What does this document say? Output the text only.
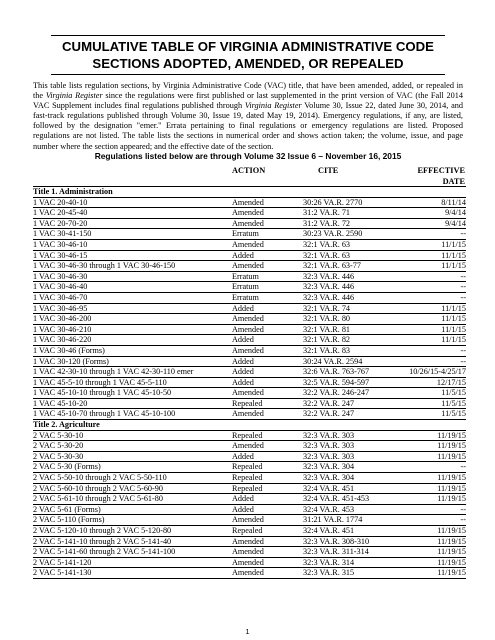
CUMULATIVE TABLE OF VIRGINIA ADMINISTRATIVE CODE
SECTIONS ADOPTED, AMENDED, OR REPEALED

This table lists regulation sections, by Virginia Administrative Code (VAC) title, that have been amended, added, or repealed in the Virginia Register since the regulations were first published or last supplemented in the print version of VAC (the Fall 2014 VAC Supplement includes final regulations published through Virginia Register Volume 30, Issue 22, dated June 30, 2014, and fast-track regulations published through Volume 30, Issue 19, dated May 19, 2014). Emergency regulations, if any, are listed, followed by the designation "emer." Errata pertaining to final regulations or emergency regulations are listed. Proposed regulations are not listed. The table lists the sections in numerical order and shows action taken; the volume, issue, and page number where the section appeared; and the effective date of the section.

Regulations listed below are through Volume 32 Issue 6 – November 16, 2015
ACTION	CITE	EFFECTIVE
DATE
Title 1. Administration
1 VAC 20-40-10	Amended	30:26 VA.R. 2770	8/11/14
1 VAC 20-45-40	Amended	31:2 VA.R. 71	9/4/14
1 VAC 20-70-20	Amended	31:2 VA.R. 72	9/4/14
1 VAC 30-41-150	Erratum	30:23 VA.R. 2590	--
1 VAC 30-46-10	Amended	32:1 VA.R. 63	11/1/15
1 VAC 30-46-15	Added	32:1 VA.R. 63	11/1/15
1 VAC 30-46-30 through 1 VAC 30-46-150	Amended	32:1 VA.R. 63-77	11/1/15
1 VAC 30-46-30	Erratum	32:3 VA.R. 446	--
1 VAC 30-46-40	Erratum	32:3 VA.R. 446	--
1 VAC 30-46-70	Erratum	32:3 VA.R. 446	--
1 VAC 30-46-95	Added	32:1 VA.R. 74	11/1/15
1 VAC 30-46-200	Amended	32:1 VA.R. 80	11/1/15
1 VAC 30-46-210	Amended	32:1 VA.R. 81	11/1/15
1 VAC 30-46-220	Added	32:1 VA.R. 82	11/1/15
1 VAC 30-46 (Forms)	Amended	32:1 VA.R. 83	--
1 VAC 30-120 (Forms)	Added	30:24 VA.R. 2594	--
1 VAC 42-30-10 through 1 VAC 42-30-110 emer	Added	32:6 VA.R. 763-767	10/26/15-4/25/17
1 VAC 45-5-10 through 1 VAC 45-5-110	Added	32:5 VA.R. 594-597	12/17/15
1 VAC 45-10-10 through 1 VAC 45-10-50	Amended	32:2 VA.R. 246-247	11/5/15
1 VAC 45-10-20	Repealed	32:2 VA.R. 247	11/5/15
1 VAC 45-10-70 through 1 VAC 45-10-100	Amended	32:2 VA.R. 247	11/5/15
Title 2. Agriculture
2 VAC 5-30-10	Repealed	32:3 VA.R. 303	11/19/15
2 VAC 5-30-20	Amended	32:3 VA.R. 303	11/19/15
2 VAC 5-30-30	Added	32:3 VA.R. 303	11/19/15
2 VAC 5-30 (Forms)	Repealed	32:3 VA.R. 304	--
2 VAC 5-50-10 through 2 VAC 5-50-110	Repealed	32:3 VA.R. 304	11/19/15
2 VAC 5-60-10 through 2 VAC 5-60-90	Repealed	32:4 VA.R. 451	11/19/15
2 VAC 5-61-10 through 2 VAC 5-61-80	Added	32:4 VA.R. 451-453	11/19/15
2 VAC 5-61 (Forms)	Added	32:4 VA.R. 453	--
2 VAC 5-110 (Forms)	Amended	31:21 VA.R. 1774	--
2 VAC 5-120-10 through 2 VAC 5-120-80	Repealed	32:4 VA.R. 451	11/19/15
2 VAC 5-141-10 through 2 VAC 5-141-40	Amended	32:3 VA.R. 308-310	11/19/15
2 VAC 5-141-60 through 2 VAC 5-141-100	Amended	32:3 VA.R. 311-314	11/19/15
2 VAC 5-141-120	Amended	32:3 VA.R. 314	11/19/15
2 VAC 5-141-130	Amended	32:3 VA.R. 315	11/19/15
1
